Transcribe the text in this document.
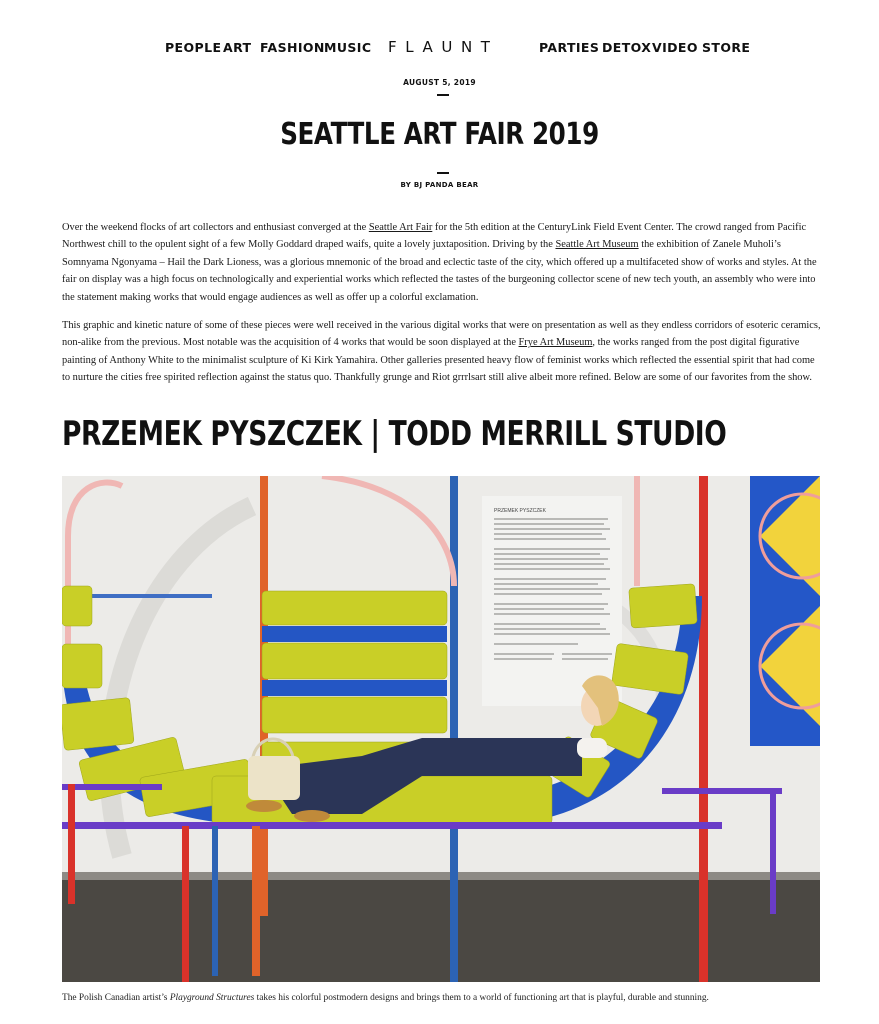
PEOPLE ART FASHION MUSIC FLAUNT	PARTIES DETOX VIDEO STORE
AUGUST 5, 2019
SEATTLE ART FAIR 2019
BY BJ PANDA BEAR

Over the weekend flocks of art collectors and enthusiast converged at the Seattle Art Fair for the 5th edition at the CenturyLink Field Event Center. The crowd ranged from Pacific Northwest chill to the opulent sight of a few Molly Goddard draped waifs, quite a lovely juxtaposition. Driving by the Seattle Art Museum the exhibition of Zanele Muholi’s Somnyama Ngonyama – Hail the Dark Lioness, was a glorious mnemonic of the broad and eclectic taste of the city, which offered up a multifaceted show of works and styles. At the fair on display was a high focus on technologically and experiential works which reflected the tastes of the burgeoning collector scene of new tech youth, an assembly who were into the statement making works that would engage audiences as well as offer up a colorful exclamation.

This graphic and kinetic nature of some of these pieces were well received in the various digital works that were on presentation as well as they endless corridors of esoteric ceramics, non-alike from the previous. Most notable was the acquisition of 4 works that would be soon displayed at the Frye Art Museum, the works ranged from the post digital figurative painting of Anthony White to the minimalist sculpture of Ki Kirk Yamahira. Other galleries presented heavy flow of feminist works which reflected the essential spirit that had come to nurture the cities free spirited reflection against the status quo. Thankfully grunge and Riot grrrlsart still alive albeit more refined. Below are some of our favorites from the show.

PRZEMEK PYSZCZEK | TODD MERRILL STUDIO
PRZEMEK PYSZCZEK
The Polish Canadian artist’s Playground Structures takes his colorful postmodern designs and brings them to a world of functioning art that is playful, durable and stunning.
